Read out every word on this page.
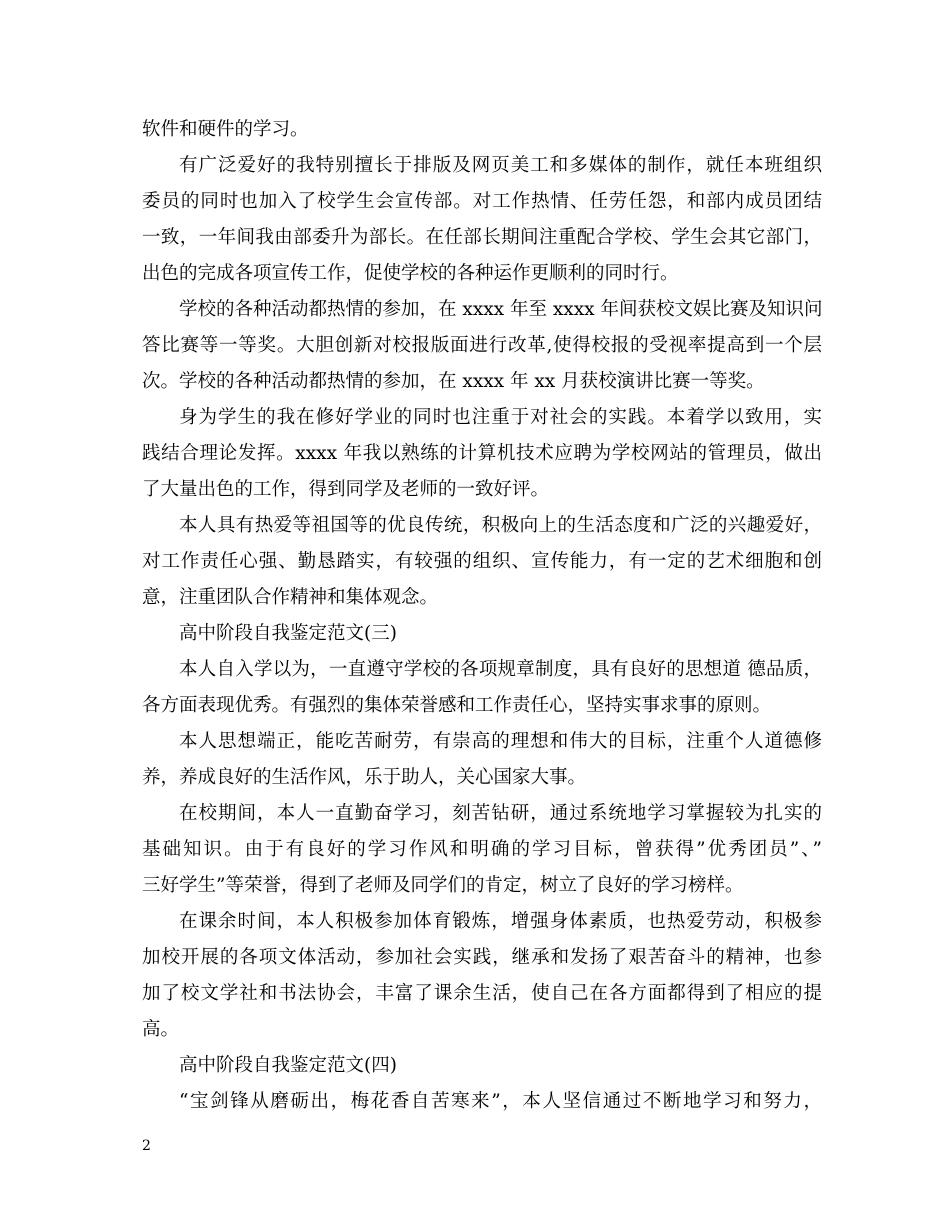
软件和硬件的学习。
有广泛爱好的我特别擅长于排版及网页美工和多媒体的制作，就任本班组织
委员的同时也加入了校学生会宣传部。对工作热情、任劳任怨，和部内成员团结
一致，一年间我由部委升为部长。在任部长期间注重配合学校、学生会其它部门，
出色的完成各项宣传工作，促使学校的各种运作更顺利的同时行。
学校的各种活动都热情的参加，在 xxxx 年至 xxxx 年间获校文娱比赛及知识问
答比赛等一等奖。大胆创新对校报版面进行改革,使得校报的受视率提高到一个层
次。学校的各种活动都热情的参加，在 xxxx 年 xx 月获校演讲比赛一等奖。
身为学生的我在修好学业的同时也注重于对社会的实践。本着学以致用，实
践结合理论发挥。xxxx 年我以熟练的计算机技术应聘为学校网站的管理员，做出
了大量出色的工作，得到同学及老师的一致好评。
本人具有热爱等祖国等的优良传统，积极向上的生活态度和广泛的兴趣爱好，
对工作责任心强、勤恳踏实，有较强的组织、宣传能力，有一定的艺术细胞和创
意，注重团队合作精神和集体观念。
高中阶段自我鉴定范文(三)
本人自入学以为，一直遵守学校的各项规章制度，具有良好的思想道 德品质，
各方面表现优秀。有强烈的集体荣誉感和工作责任心，坚持实事求事的原则。
本人思想端正，能吃苦耐劳，有崇高的理想和伟大的目标，注重个人道德修
养，养成良好的生活作风，乐于助人，关心国家大事。
在校期间，本人一直勤奋学习，刻苦钻研，通过系统地学习掌握较为扎实的
基础知识。由于有良好的学习作风和明确的学习目标，曾获得”优秀团员”、”
三好学生”等荣誉，得到了老师及同学们的肯定，树立了良好的学习榜样。
在课余时间，本人积极参加体育锻炼，增强身体素质，也热爱劳动，积极参
加校开展的各项文体活动，参加社会实践，继承和发扬了艰苦奋斗的精神，也参
加了校文学社和书法协会，丰富了课余生活，使自己在各方面都得到了相应的提
高。
高中阶段自我鉴定范文(四)
“宝剑锋从磨砺出，梅花香自苦寒来”，本人坚信通过不断地学习和努力，
2
